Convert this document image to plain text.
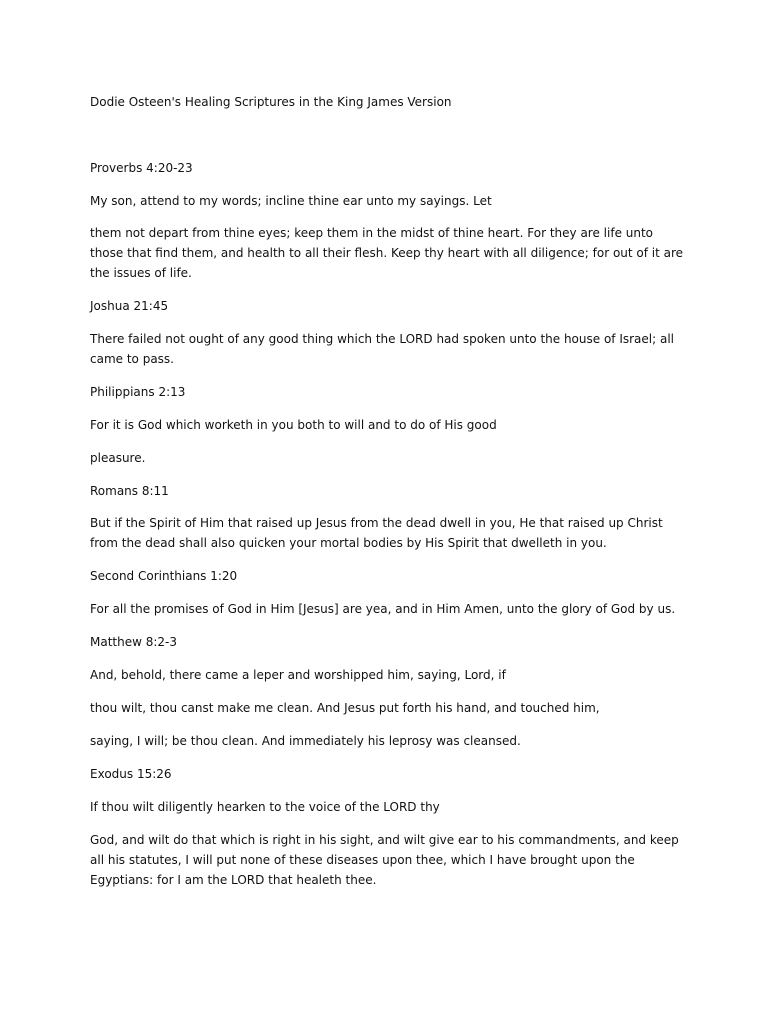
Dodie Osteen's Healing Scriptures in the King James Version

Proverbs 4:20-23

My son, attend to my words; incline thine ear unto my sayings. Let

them not depart from thine eyes; keep them in the midst of thine heart. For they are life unto those that find them, and health to all their flesh. Keep thy heart with all diligence; for out of it are the issues of life.

Joshua 21:45

There failed not ought of any good thing which the LORD had spoken unto the house of Israel; all came to pass.

Philippians 2:13

For it is God which worketh in you both to will and to do of His good

pleasure.

Romans 8:11

But if the Spirit of Him that raised up Jesus from the dead dwell in you, He that raised up Christ from the dead shall also quicken your mortal bodies by His Spirit that dwelleth in you.

Second Corinthians 1:20

For all the promises of God in Him [Jesus] are yea, and in Him Amen, unto the glory of God by us.

Matthew 8:2-3

And, behold, there came a leper and worshipped him, saying, Lord, if

thou wilt, thou canst make me clean. And Jesus put forth his hand, and touched him,

saying, I will; be thou clean. And immediately his leprosy was cleansed.

Exodus 15:26

If thou wilt diligently hearken to the voice of the LORD thy

God, and wilt do that which is right in his sight, and wilt give ear to his commandments, and keep all his statutes, I will put none of these diseases upon thee, which I have brought upon the Egyptians: for I am the LORD that healeth thee.
